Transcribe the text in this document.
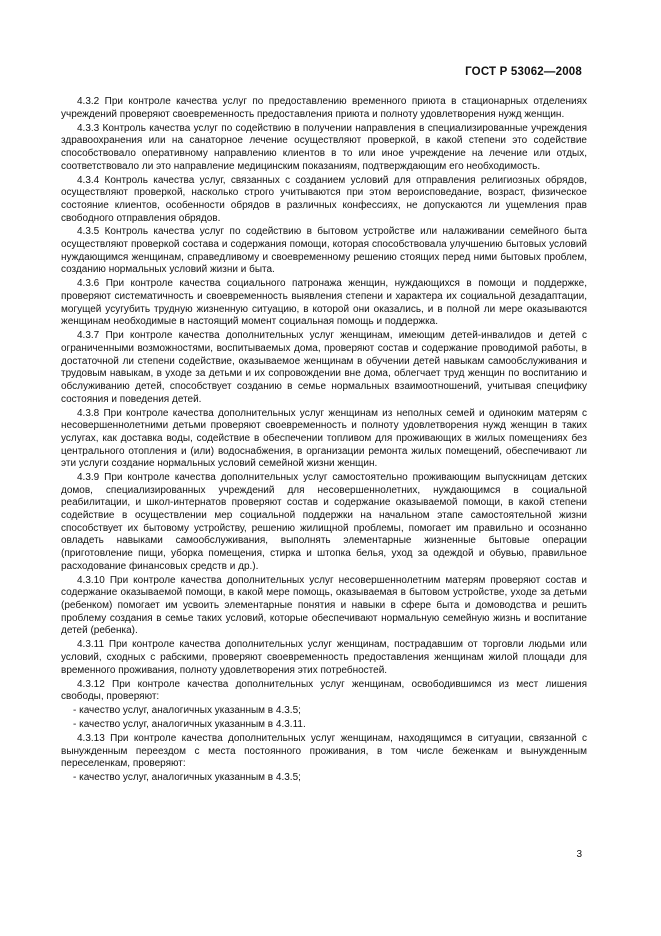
ГОСТ Р 53062—2008

4.3.2 При контроле качества услуг по предоставлению временного приюта в стационарных отделениях учреждений проверяют своевременность предоставления приюта и полноту удовлетворения нужд женщин.

4.3.3 Контроль качества услуг по содействию в получении направления в специализированные учреждения здравоохранения или на санаторное лечение осуществляют проверкой, в какой степени это содействие способствовало оперативному направлению клиентов в то или иное учреждение на лечение или отдых, соответствовало ли это направление медицинским показаниям, подтверждающим его необходимость.

4.3.4 Контроль качества услуг, связанных с созданием условий для отправления религиозных обрядов, осуществляют проверкой, насколько строго учитываются при этом вероисповедание, возраст, физическое состояние клиентов, особенности обрядов в различных конфессиях, не допускаются ли ущемления прав свободного отправления обрядов.

4.3.5 Контроль качества услуг по содействию в бытовом устройстве или налаживании семейного быта осуществляют проверкой состава и содержания помощи, которая способствовала улучшению бытовых условий нуждающимся женщинам, справедливому и своевременному решению стоящих перед ними бытовых проблем, созданию нормальных условий жизни и быта.

4.3.6 При контроле качества социального патронажа женщин, нуждающихся в помощи и поддержке, проверяют систематичность и своевременность выявления степени и характера их социальной дезадаптации, могущей усугубить трудную жизненную ситуацию, в которой они оказались, и в полной ли мере оказываются женщинам необходимые в настоящий момент социальная помощь и поддержка.

4.3.7 При контроле качества дополнительных услуг женщинам, имеющим детей-инвалидов и детей с ограниченными возможностями, воспитываемых дома, проверяют состав и содержание проводимой работы, в достаточной ли степени содействие, оказываемое женщинам в обучении детей навыкам самообслуживания и трудовым навыкам, в уходе за детьми и их сопровождении вне дома, облегчает труд женщин по воспитанию и обслуживанию детей, способствует созданию в семье нормальных взаимоотношений, учитывая специфику состояния и поведения детей.

4.3.8 При контроле качества дополнительных услуг женщинам из неполных семей и одиноким матерям с несовершеннолетними детьми проверяют своевременность и полноту удовлетворения нужд женщин в таких услугах, как доставка воды, содействие в обеспечении топливом для проживающих в жилых помещениях без центрального отопления и (или) водоснабжения, в организации ремонта жилых помещений, обеспечивают ли эти услуги создание нормальных условий семейной жизни женщин.

4.3.9 При контроле качества дополнительных услуг самостоятельно проживающим выпускницам детских домов, специализированных учреждений для несовершеннолетних, нуждающимся в социальной реабилитации, и школ-интернатов проверяют состав и содержание оказываемой помощи, в какой степени содействие в осуществлении мер социальной поддержки на начальном этапе самостоятельной жизни способствует их бытовому устройству, решению жилищной проблемы, помогает им правильно и осознанно овладеть навыками самообслуживания, выполнять элементарные жизненные бытовые операции (приготовление пищи, уборка помещения, стирка и штопка белья, уход за одеждой и обувью, правильное расходование финансовых средств и др.).

4.3.10 При контроле качества дополнительных услуг несовершеннолетним матерям проверяют состав и содержание оказываемой помощи, в какой мере помощь, оказываемая в бытовом устройстве, уходе за детьми (ребенком) помогает им усвоить элементарные понятия и навыки в сфере быта и домоводства и решить проблему создания в семье таких условий, которые обеспечивают нормальную семейную жизнь и воспитание детей (ребенка).

4.3.11 При контроле качества дополнительных услуг женщинам, пострадавшим от торговли людьми или условий, сходных с рабскими, проверяют своевременность предоставления женщинам жилой площади для временного проживания, полноту удовлетворения этих потребностей.

4.3.12 При контроле качества дополнительных услуг женщинам, освободившимся из мест лишения свободы, проверяют:

- качество услуг, аналогичных указанным в 4.3.5;

- качество услуг, аналогичных указанным в 4.3.11.

4.3.13 При контроле качества дополнительных услуг женщинам, находящимся в ситуации, связанной с вынужденным переездом с места постоянного проживания, в том числе беженкам и вынужденным переселенкам, проверяют:

- качество услуг, аналогичных указанным в 4.3.5;

3
